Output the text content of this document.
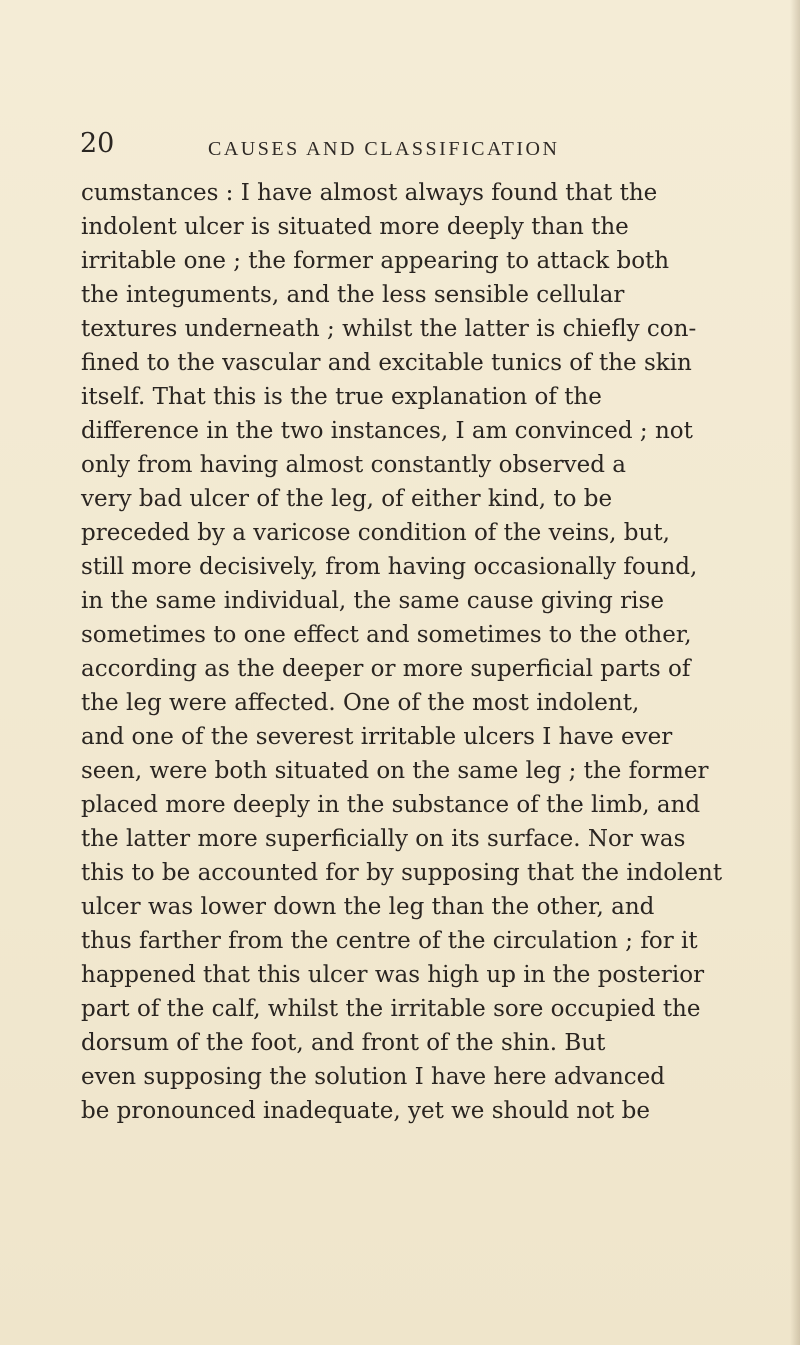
20	CAUSES AND CLASSIFICATION
cumstances : I have almost always found that the
indolent ulcer is situated more deeply than the
irritable one ; the former appearing to attack both
the integuments, and the less sensible cellular
textures underneath ; whilst the latter is chiefly con-
fined to the vascular and excitable tunics of the skin
itself. That this is the true explanation of the
difference in the two instances, I am convinced ; not
only from having almost constantly observed a
very bad ulcer of the leg, of either kind, to be
preceded by a varicose condition of the veins, but,
still more decisively, from having occasionally found,
in the same individual, the same cause giving rise
sometimes to one effect and sometimes to the other,
according as the deeper or more superficial parts of
the leg were affected. One of the most indolent,
and one of the severest irritable ulcers I have ever
seen, were both situated on the same leg ; the former
placed more deeply in the substance of the limb, and
the latter more superficially on its surface. Nor was
this to be accounted for by supposing that the indolent
ulcer was lower down the leg than the other, and
thus farther from the centre of the circulation ; for it
happened that this ulcer was high up in the posterior
part of the calf, whilst the irritable sore occupied the
dorsum of the foot, and front of the shin. But
even supposing the solution I have here advanced
be pronounced inadequate, yet we should not be
